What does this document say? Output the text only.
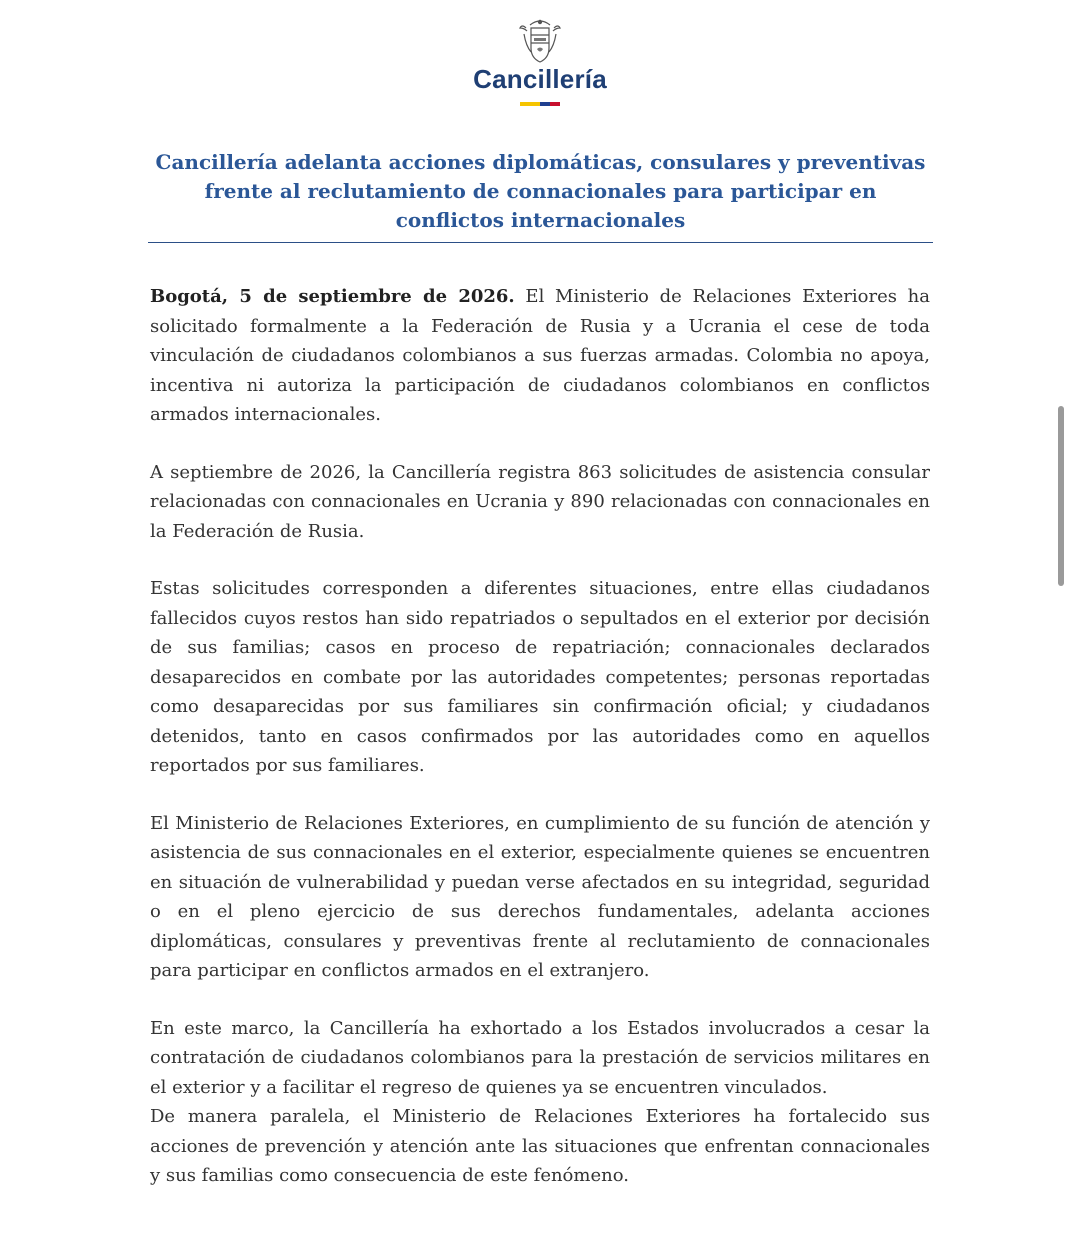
Cancillería
Cancillería adelanta acciones diplomáticas, consulares y preventivas frente al reclutamiento de connacionales para participar en conflictos internacionales

Bogotá, 5 de septiembre de 2026. El Ministerio de Relaciones Exteriores ha solicitado formalmente a la Federación de Rusia y a Ucrania el cese de toda vinculación de ciudadanos colombianos a sus fuerzas armadas. Colombia no apoya, incentiva ni autoriza la participación de ciudadanos colombianos en conflictos armados internacionales.

A septiembre de 2026, la Cancillería registra 863 solicitudes de asistencia consular relacionadas con connacionales en Ucrania y 890 relacionadas con connacionales en la Federación de Rusia.

Estas solicitudes corresponden a diferentes situaciones, entre ellas ciudadanos fallecidos cuyos restos han sido repatriados o sepultados en el exterior por decisión de sus familias; casos en proceso de repatriación; connacionales declarados desaparecidos en combate por las autoridades competentes; personas reportadas como desaparecidas por sus familiares sin confirmación oficial; y ciudadanos detenidos, tanto en casos confirmados por las autoridades como en aquellos reportados por sus familiares.

El Ministerio de Relaciones Exteriores, en cumplimiento de su función de atención y asistencia de sus connacionales en el exterior, especialmente quienes se encuentren en situación de vulnerabilidad y puedan verse afectados en su integridad, seguridad o en el pleno ejercicio de sus derechos fundamentales, adelanta acciones diplomáticas, consulares y preventivas frente al reclutamiento de connacionales para participar en conflictos armados en el extranjero.

En este marco, la Cancillería ha exhortado a los Estados involucrados a cesar la contratación de ciudadanos colombianos para la prestación de servicios militares en el exterior y a facilitar el regreso de quienes ya se encuentren vinculados.

De manera paralela, el Ministerio de Relaciones Exteriores ha fortalecido sus acciones de prevención y atención ante las situaciones que enfrentan connacionales y sus familias como consecuencia de este fenómeno.
